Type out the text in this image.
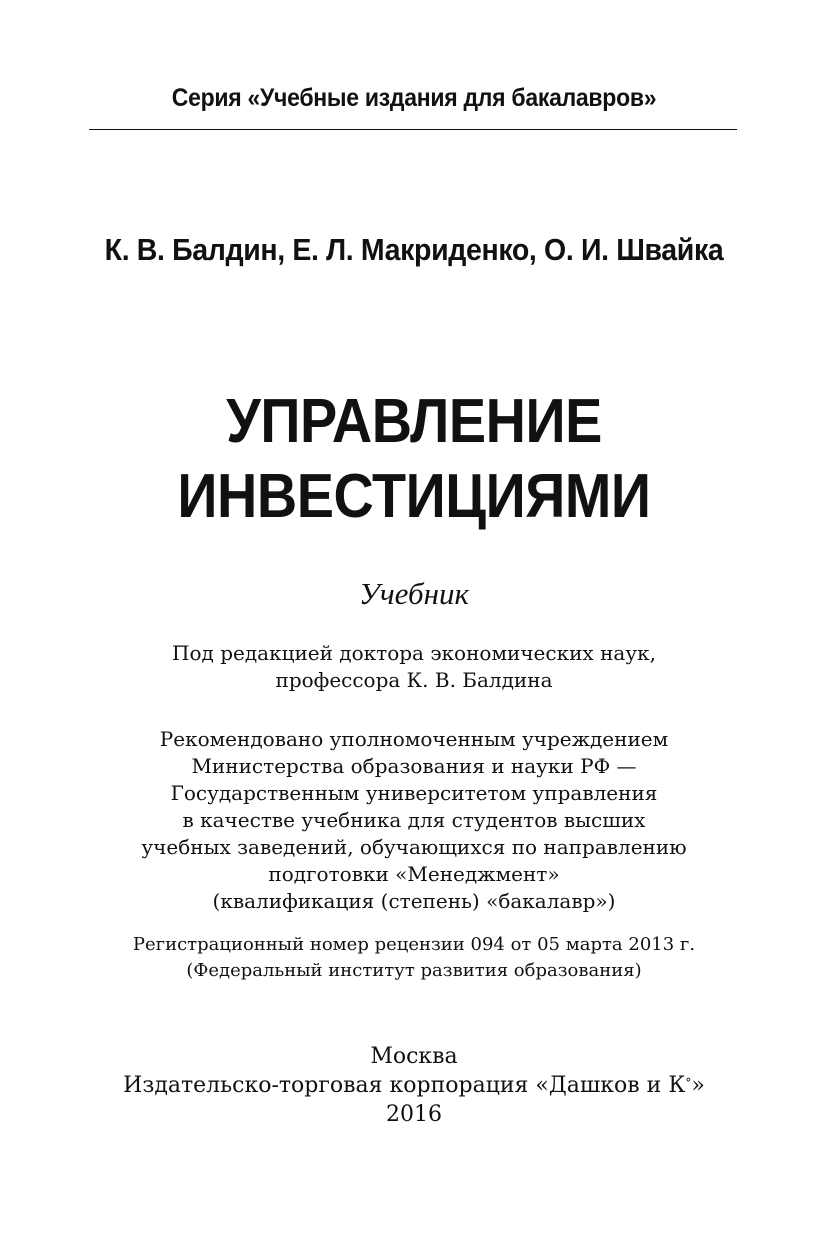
Серия «Учебные издания для бакалавров»
К. В. Балдин, Е. Л. Макриденко, О. И. Швайка
УПРАВЛЕНИЕ
ИНВЕСТИЦИЯМИ
Учебник
Под редакцией доктора экономических наук,
профессора К. В. Балдина
Рекомендовано уполномоченным учреждением
Министерства образования и науки РФ —
Государственным университетом управления
в качестве учебника для студентов высших
учебных заведений, обучающихся по направлению
подготовки «Менеджмент»
(квалификация (степень) «бакалавр»)
Регистрационный номер рецензии 094 от 05 марта 2013 г.
(Федеральный институт развития образования)
Москва
Издательско-торговая корпорация «Дашков и К°»
2016
